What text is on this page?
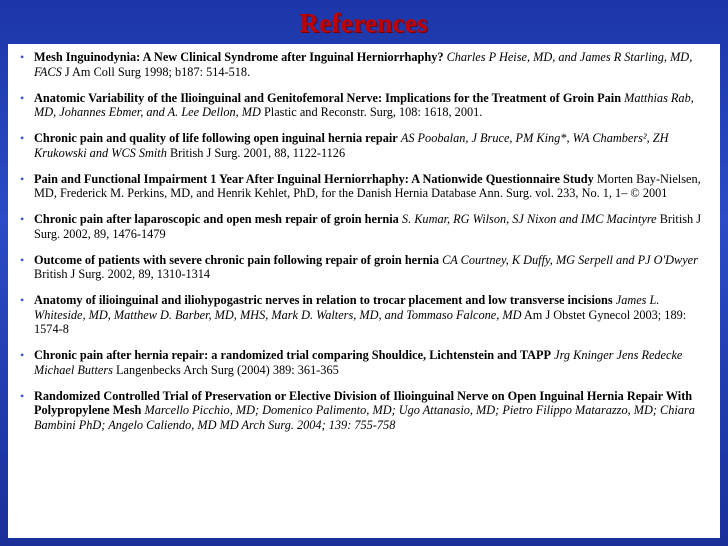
References
• Mesh Inguinodynia: A New Clinical Syndrome after Inguinal Herniorrhaphy? Charles P Heise, MD, and James R Starling, MD, FACS J Am Coll Surg 1998; b187: 514-518.
• Anatomic Variability of the Ilioinguinal and Genitofemoral Nerve: Implications for the Treatment of Groin Pain Matthias Rab, MD, Johannes Ebmer, and A. Lee Dellon, MD Plastic and Reconstr. Surg, 108: 1618, 2001.
• Chronic pain and quality of life following open inguinal hernia repair AS Poobalan, J Bruce, PM King*, WA Chambers², ZH Krukowski and WCS Smith British J Surg. 2001, 88, 1122-1126
• Pain and Functional Impairment 1 Year After Inguinal Herniorrhaphy: A Nationwide Questionnaire Study Morten Bay-Nielsen, MD, Frederick M. Perkins, MD, and Henrik Kehlet, PhD, for the Danish Hernia Database Ann. Surg. vol. 233, No. 1, 1– © 2001
• Chronic pain after laparoscopic and open mesh repair of groin hernia S. Kumar, RG Wilson, SJ Nixon and IMC Macintyre British J Surg. 2002, 89, 1476-1479
• Outcome of patients with severe chronic pain following repair of groin hernia CA Courtney, K Duffy, MG Serpell and PJ O'Dwyer British J Surg. 2002, 89, 1310-1314
• Anatomy of ilioinguinal and iliohypogastric nerves in relation to trocar placement and low transverse incisions James L. Whiteside, MD, Matthew D. Barber, MD, MHS, Mark D. Walters, MD, and Tommaso Falcone, MD Am J Obstet Gynecol 2003; 189: 1574-8
• Chronic pain after hernia repair: a randomized trial comparing Shouldice, Lichtenstein and TAPP Jrg Kninger Jens Redecke Michael Butters Langenbecks Arch Surg (2004) 389: 361-365
• Randomized Controlled Trial of Preservation or Elective Division of Ilioinguinal Nerve on Open Inguinal Hernia Repair With Polypropylene Mesh Marcello Picchio, MD; Domenico Palimento, MD; Ugo Attanasio, MD; Pietro Filippo Matarazzo, MD; Chiara Bambini PhD; Angelo Caliendo, MD MD Arch Surg. 2004; 139: 755-758
